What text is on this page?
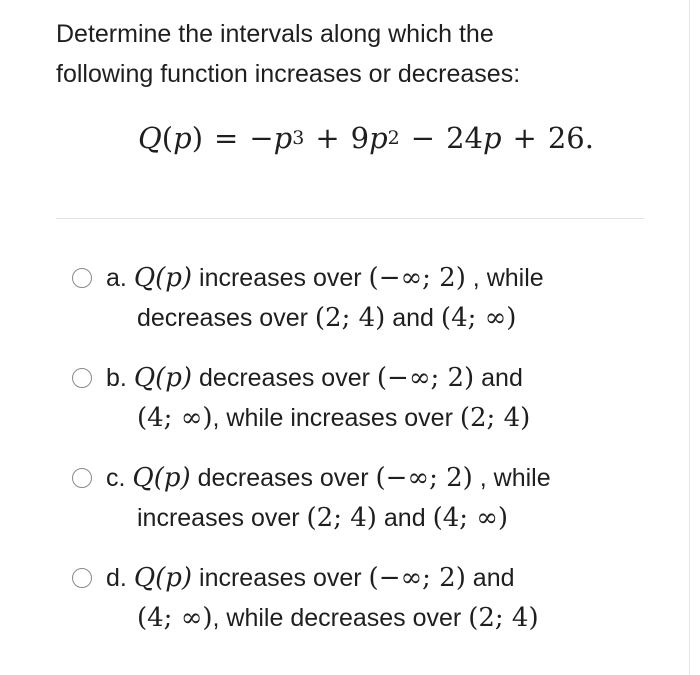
Determine the intervals along which the
following function increases or decreases:
Q ( p ) = − p 3 + 9 p 2 − 24 p + 26 .
a. Q(p) increases over (−∞; 2) , while
decreases over (2; 4) and (4; ∞)
b. Q(p) decreases over (−∞; 2) and
(4; ∞), while increases over (2; 4)
c. Q(p) decreases over (−∞; 2) , while
increases over (2; 4) and (4; ∞)
d. Q(p) increases over (−∞; 2) and
(4; ∞), while decreases over (2; 4)
